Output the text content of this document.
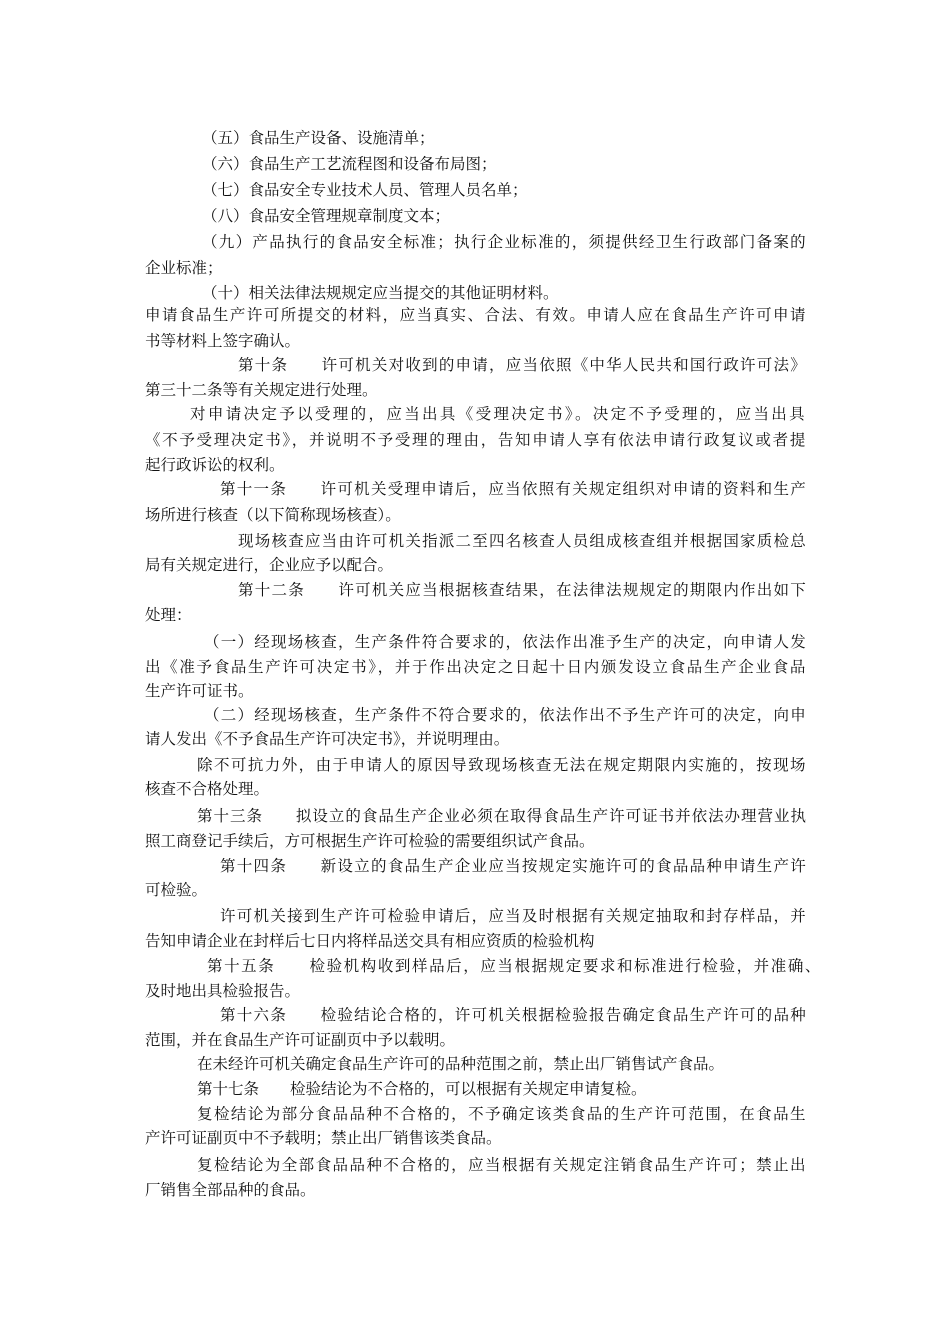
（五）食品生产设备、设施清单；
（六）食品生产工艺流程图和设备布局图；
（七）食品安全专业技术人员、管理人员名单；
（八）食品安全管理规章制度文本；
（九）产品执行的食品安全标准；执行企业标准的，须提供经卫生行政部门备案的
企业标准；
（十）相关法律法规规定应当提交的其他证明材料。
申请食品生产许可所提交的材料，应当真实、合法、有效。申请人应在食品生产许可申请
书等材料上签字确认。
第十条　　许可机关对收到的申请，应当依照《中华人民共和国行政许可法》
第三十二条等有关规定进行处理。
对申请决定予以受理的，应当出具《受理决定书》。决定不予受理的，应当出具
《不予受理决定书》，并说明不予受理的理由，告知申请人享有依法申请行政复议或者提
起行政诉讼的权利。
第十一条　　许可机关受理申请后，应当依照有关规定组织对申请的资料和生产
场所进行核查（以下简称现场核查）。
现场核查应当由许可机关指派二至四名核查人员组成核查组并根据国家质检总
局有关规定进行，企业应予以配合。
第十二条　　许可机关应当根据核查结果，在法律法规规定的期限内作出如下
处理：
（一）经现场核查，生产条件符合要求的，依法作出准予生产的决定，向申请人发
出《准予食品生产许可决定书》，并于作出决定之日起十日内颁发设立食品生产企业食品
生产许可证书。
（二）经现场核查，生产条件不符合要求的，依法作出不予生产许可的决定，向申
请人发出《不予食品生产许可决定书》，并说明理由。
除不可抗力外，由于申请人的原因导致现场核查无法在规定期限内实施的，按现场
核查不合格处理。
第十三条　　拟设立的食品生产企业必须在取得食品生产许可证书并依法办理营业执
照工商登记手续后，方可根据生产许可检验的需要组织试产食品。
第十四条　　新设立的食品生产企业应当按规定实施许可的食品品种申请生产许
可检验。
许可机关接到生产许可检验申请后，应当及时根据有关规定抽取和封存样品，并
告知申请企业在封样后七日内将样品送交具有相应资质的检验机构
第十五条　　检验机构收到样品后，应当根据规定要求和标准进行检验，并准确、
及时地出具检验报告。
第十六条　　检验结论合格的，许可机关根据检验报告确定食品生产许可的品种
范围，并在食品生产许可证副页中予以载明。
在未经许可机关确定食品生产许可的品种范围之前，禁止出厂销售试产食品。
第十七条　　检验结论为不合格的，可以根据有关规定申请复检。
复检结论为部分食品品种不合格的，不予确定该类食品的生产许可范围，在食品生
产许可证副页中不予载明；禁止出厂销售该类食品。
复检结论为全部食品品种不合格的，应当根据有关规定注销食品生产许可；禁止出
厂销售全部品种的食品。
